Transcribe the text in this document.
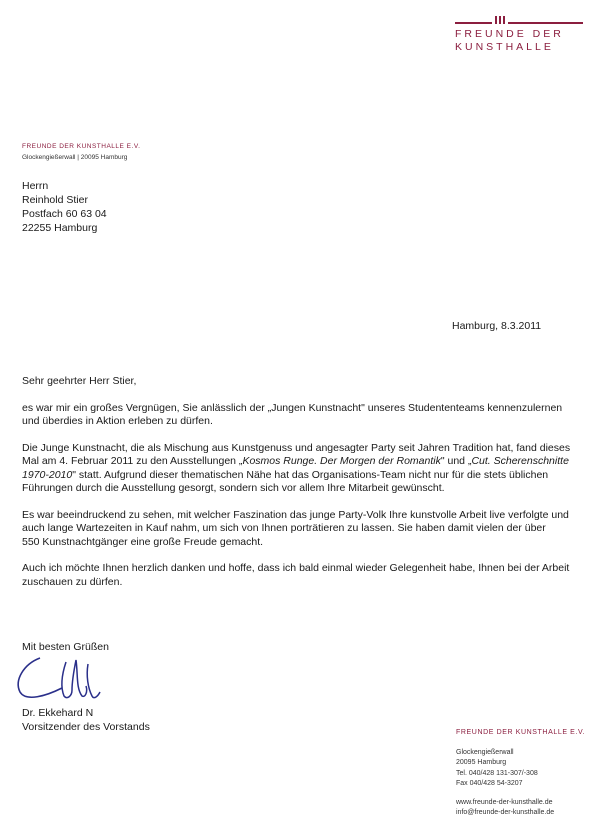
FREUNDE DER
KUNSTHALLE
FREUNDE DER KUNSTHALLE E.V.
Glockengießerwall | 20095 Hamburg
Herrn
Reinhold Stier
Postfach 60 63 04
22255 Hamburg
Hamburg, 8.3.2011

Sehr geehrter Herr Stier,

es war mir ein großes Vergnügen, Sie anlässlich der „Jungen Kunstnacht" unseres Studententeams kennenzulernen und überdies in Aktion erleben zu dürfen.

Die Junge Kunstnacht, die als Mischung aus Kunstgenuss und angesagter Party seit Jahren Tradition hat, fand dieses Mal am 4. Februar 2011 zu den Ausstellungen „Kosmos Runge. Der Morgen der Romantik" und „Cut. Scherenschnitte 1970-2010" statt. Aufgrund dieser thematischen Nähe hat das Organisations-Team nicht nur für die stets üblichen Führungen durch die Ausstellung gesorgt, sondern sich vor allem Ihre Mitarbeit gewünscht.

Es war beeindruckend zu sehen, mit welcher Faszination das junge Party-Volk Ihre kunstvolle Arbeit live verfolgte und auch lange Wartezeiten in Kauf nahm, um sich von Ihnen porträtieren zu lassen. Sie haben damit vielen der über
550 Kunstnachtgänger eine große Freude gemacht.

Auch ich möchte Ihnen herzlich danken und hoffe, dass ich bald einmal wieder Gelegenheit habe, Ihnen bei der Arbeit zuschauen zu dürfen.

Mit besten Grüßen
Dr. Ekkehard N
Vorsitzender des Vorstands	FREUNDE DER KUNSTHALLE E.V.
Glockengießerwall
20095 Hamburg
Tel. 040/428 131-307/-308
Fax 040/428 54-3207
www.freunde-der-kunsthalle.de
info@freunde-der-kunsthalle.de
